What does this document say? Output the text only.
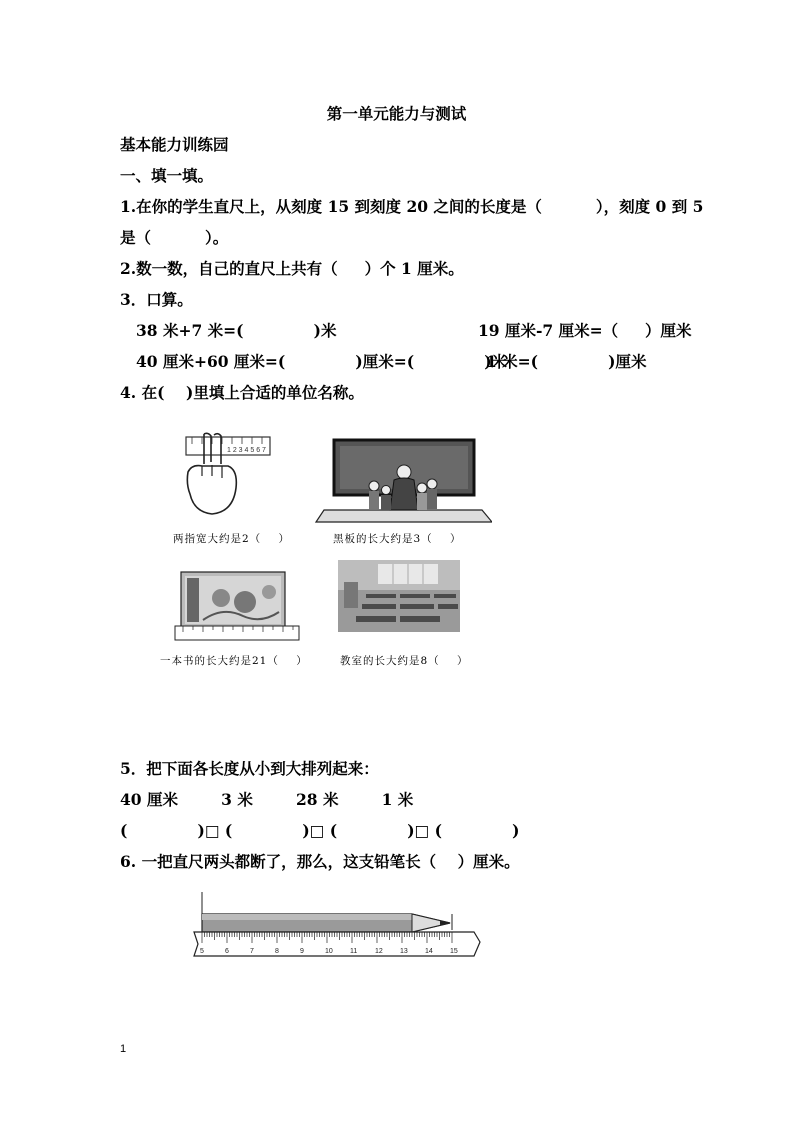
第一单元能力与测试
基本能力训练园
一、填一填。
1.在你的学生直尺上，从刻度 15 到刻度 20 之间的长度是（          ），刻度 0 到 5
是（          ）。
2.数一数，自己的直尺上共有（     ）个 1 厘米。
3．口算。
38 米+7 米=(             )米	19 厘米-7 厘米=（     ）厘米
40 厘米+60 厘米=(             )厘米=(             )米
1 米=(             )厘米
4. 在(    )里填上合适的单位名称。
1 2 3 4 5 6 7
两指宽大约是2（    ）	黑板的长大约是3（    ）
一本书的长大约是21（    ）	教室的长大约是8（    ）
5．把下面各长度从小到大排列起来：
40 厘米        3 米        28 米        1 米
(             )□ (             )□ (             )□ (             )
6. 一把直尺两头都断了，那么，这支铅笔长（    ）厘米。
5	6	7	8	9	10 11	12 13 14 15
1
